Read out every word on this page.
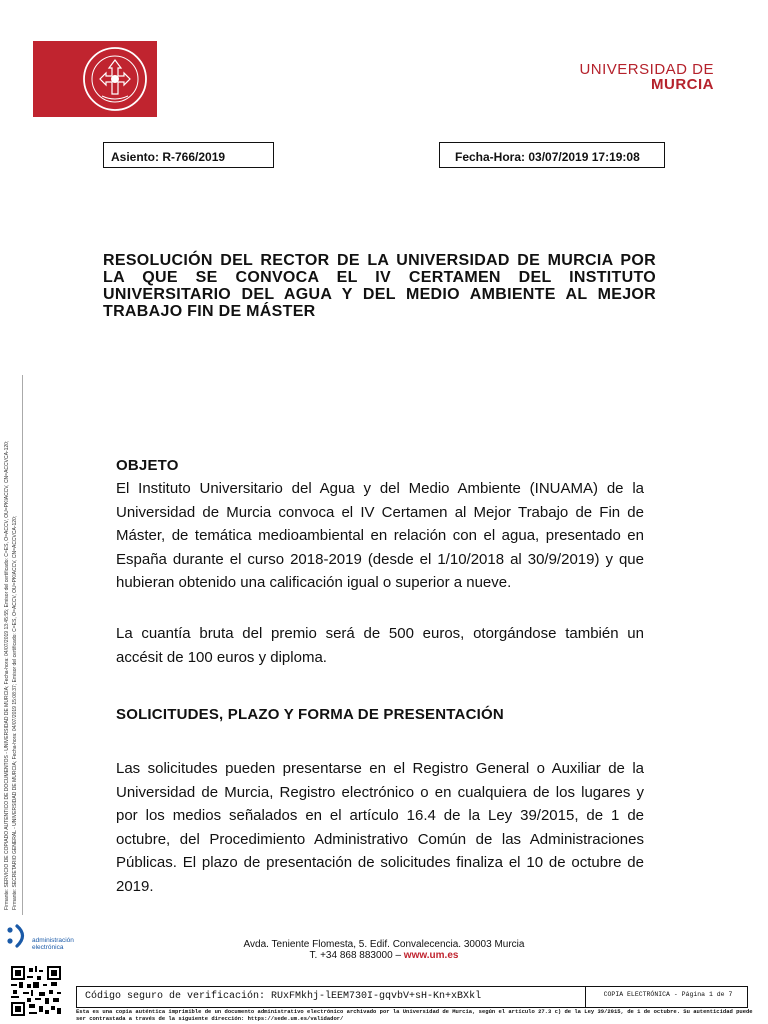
UNIVERSIDAD DE
MURCIA
Asiento: R-766/2019	Fecha-Hora: 03/07/2019 17:19:08
RESOLUCIÓN DEL RECTOR DE LA UNIVERSIDAD DE MURCIA POR LA QUE SE CONVOCA EL IV CERTAMEN DEL INSTITUTO UNIVERSITARIO DEL AGUA Y DEL MEDIO AMBIENTE AL MEJOR TRABAJO FIN DE MÁSTER
OBJETO
El Instituto Universitario del Agua y del Medio Ambiente (INUAMA) de la Universidad de Murcia convoca el IV Certamen al Mejor Trabajo de Fin de Máster, de temática medioambiental en relación con el agua, presentado en España durante el curso 2018-2019 (desde el 1/10/2018 al 30/9/2019) y que hubieran obtenido una calificación igual o superior a nueve.
La cuantía bruta del premio será de 500 euros, otorgándose también un accésit de 100 euros y diploma.
SOLICITUDES, PLAZO Y FORMA DE PRESENTACIÓN
Las solicitudes pueden presentarse en el Registro General o Auxiliar de la Universidad de Murcia, Registro electrónico o en cualquiera de los lugares y por los medios señalados en el artículo 16.4 de la Ley 39/2015, de 1 de octubre, del Procedimiento Administrativo Común de las Administraciones Públicas. El plazo de presentación de solicitudes finaliza el 10 de octubre de 2019.
Firmante: SERVICIO DE COPIADO AUTENTICO DE DOCUMENTOS - UNIVERSIDAD DE MURCIA; Fecha-hora: 04/07/2019 13:45:55; Emisor del certificado: C=ES, O=ACCV, OU=PKIACCV, CN=ACCVCA-120; Firmante: SECRETARIO GENERAL - UNIVERSIDAD DE MURCIA; Fecha-hora: 04/07/2019 15:08:37; Emisor del certificado: C=ES, O=ACCV, OU=PKIACCV, CN=ACCVCA-120;
administración
electrónica	Avda. Teniente Flomesta, 5. Edif. Convalecencia. 30003 Murcia
T. +34 868 883000 – www.um.es
Código seguro de verificación: RUxFMkhj-lEEM730I-gqvbV+sH-Kn+xBXkl	COPIA ELECTRÓNICA - Página 1 de 7
Esta es una copia auténtica imprimible de un documento administrativo electrónico archivado por la Universidad de Murcia, según el artículo 27.3 c) de la Ley 39/2015, de 1 de octubre. Su autenticidad puede ser contrastada a través de la siguiente dirección: https://sede.um.es/validador/
